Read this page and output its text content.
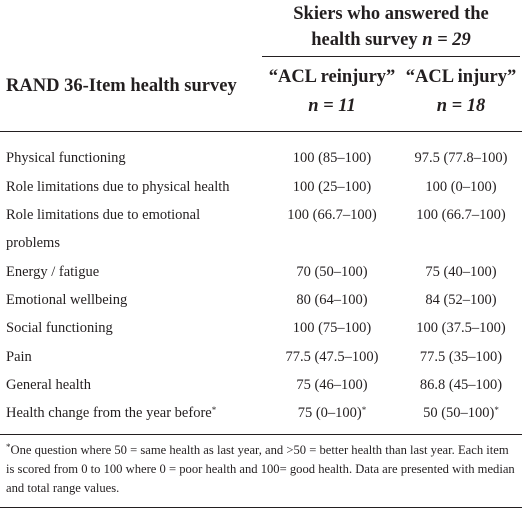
Skiers who answered the
health survey n = 29
RAND 36-Item health survey	“ACL reinjury” “ACL injury”
n = 11	n = 18
Physical functioning	100 (85–100)	97.5 (77.8–100)
Role limitations due to physical health	100 (25–100)	100 (0–100)
Role limitations due to emotional	100 (66.7–100)	100 (66.7–100)
problems
Energy / fatigue	70 (50–100)	75 (40–100)
Emotional wellbeing	80 (64–100)	84 (52–100)
Social functioning	100 (75–100)	100 (37.5–100)
Pain	77.5 (47.5–100)	77.5 (35–100)
General health	75 (46–100)	86.8 (45–100)
Health change from the year before*	75 (0–100)*	50 (50–100)*
*One question where 50 = same health as last year, and >50 = better health than last year. Each item is scored from 0 to 100 where 0 = poor health and 100= good health. Data are presented with median and total range values.
